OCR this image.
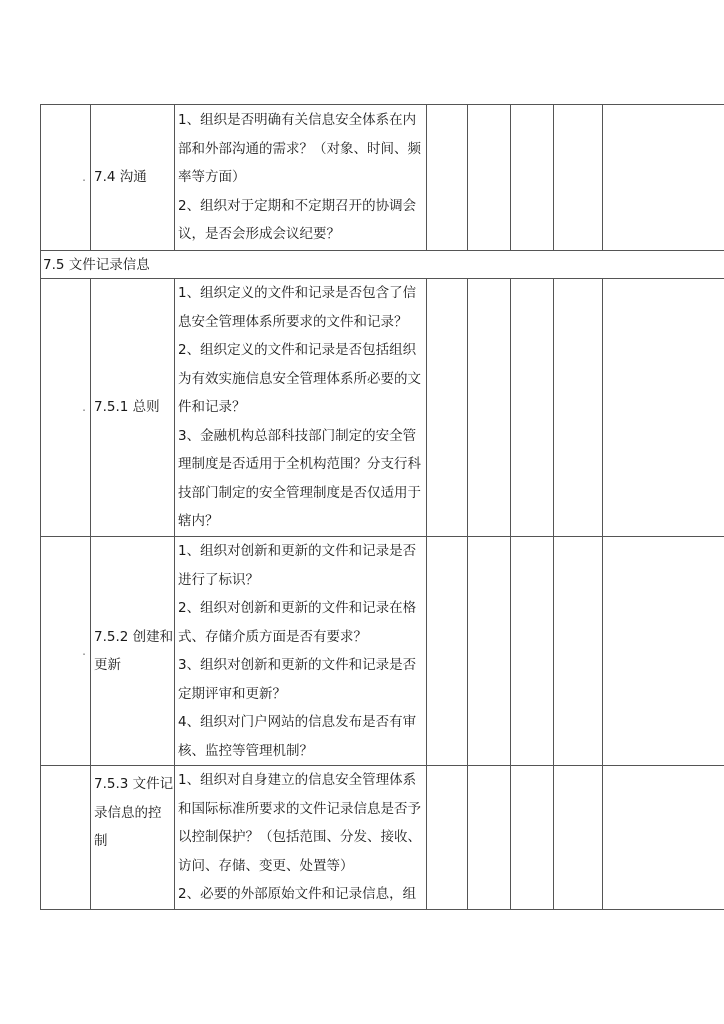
.	7.4 沟通	1、组织是否明确有关信息安全体系在内部和外部沟通的需求？（对象、时间、频率等方面）
2、组织对于定期和不定期召开的协调会议，是否会形成会议纪要？					

7.5 文件记录信息							
.	7.5.1 总则	1、组织定义的文件和记录是否包含了信息安全管理体系所要求的文件和记录？
2、组织定义的文件和记录是否包括组织为有效实施信息安全管理体系所必要的文件和记录？
3、金融机构总部科技部门制定的安全管理制度是否适用于全机构范围？分支行科技部门制定的安全管理制度是否仅适用于辖内？					

.	7.5.2 创建和更新	1、组织对创新和更新的文件和记录是否进行了标识？
2、组织对创新和更新的文件和记录在格式、存储介质方面是否有要求？
3、组织对创新和更新的文件和记录是否定期评审和更新？
4、组织对门户网站的信息发布是否有审核、监控等管理机制？					

	7.5.3 文件记录信息的控制	1、组织对自身建立的信息安全管理体系和国际标准所要求的文件记录信息是否予以控制保护？（包括范围、分发、接收、访问、存储、变更、处置等）
2、必要的外部原始文件和记录信息，组					
